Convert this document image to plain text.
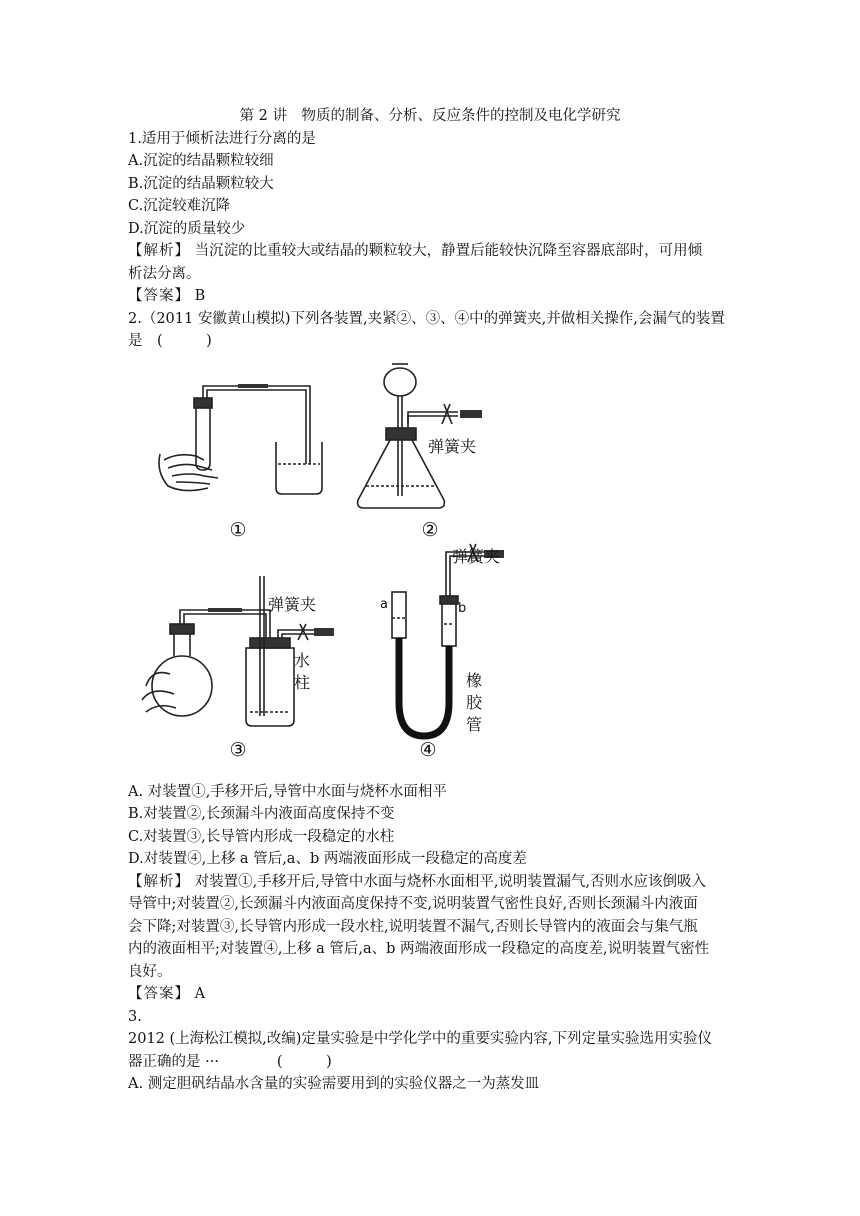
第 2 讲　物质的制备、分析、反应条件的控制及电化学研究
1.适用于倾析法进行分离的是
A.沉淀的结晶颗粒较细
B.沉淀的结晶颗粒较大
C.沉淀较难沉降
D.沉淀的质量较少
【解析】 当沉淀的比重较大或结晶的颗粒较大，静置后能较快沉降至容器底部时，可用倾
析法分离。
【答案】 B
2.（2011 安徽黄山模拟)下列各装置,夹紧②、③、④中的弹簧夹,并做相关操作,会漏气的装置
是　(　　　)
①	②
③	④
弹簧夹
弹簧夹
弹簧夹
水
柱	橡
胶
管
a	b
A. 对装置①,手移开后,导管中水面与烧杯水面相平
B.对装置②,长颈漏斗内液面高度保持不变
C.对装置③,长导管内形成一段稳定的水柱
D.对装置④,上移 a 管后,a、b 两端液面形成一段稳定的高度差
【解析】 对装置①,手移开后,导管中水面与烧杯水面相平,说明装置漏气,否则水应该倒吸入
导管中;对装置②,长颈漏斗内液面高度保持不变,说明装置气密性良好,否则长颈漏斗内液面
会下降;对装置③,长导管内形成一段水柱,说明装置不漏气,否则长导管内的液面会与集气瓶
内的液面相平;对装置④,上移 a 管后,a、b 两端液面形成一段稳定的高度差,说明装置气密性
良好。
【答案】 A
3.
2012 (上海松江模拟,改编)定量实验是中学化学中的重要实验内容,下列定量实验选用实验仪
器正确的是 ···　　　　(　　　)
A. 测定胆矾结晶水含量的实验需要用到的实验仪器之一为蒸发皿
